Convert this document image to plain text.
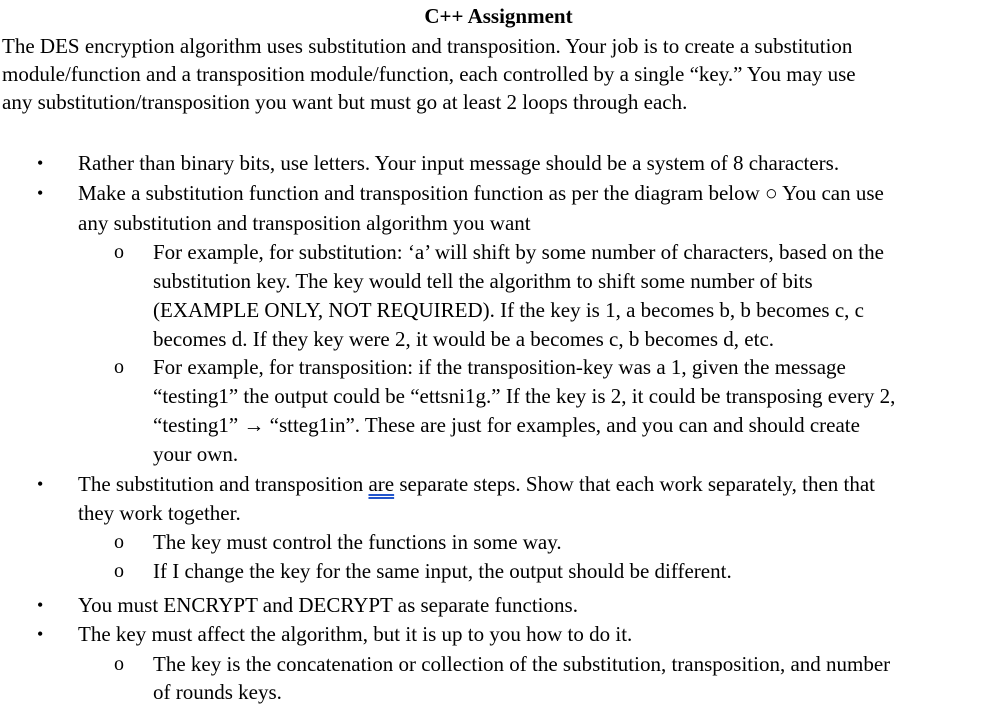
C++ Assignment
The DES encryption algorithm uses substitution and transposition. Your job is to create a substitution
module/function and a transposition module/function, each controlled by a single “key.” You may use
any substitution/transposition you want but must go at least 2 loops through each.
• Rather than binary bits, use letters. Your input message should be a system of 8 characters.
• Make a substitution function and transposition function as per the diagram below ○ You can use
any substitution and transposition algorithm you want
o For example, for substitution: ‘a’ will shift by some number of characters, based on the
substitution key. The key would tell the algorithm to shift some number of bits
(EXAMPLE ONLY, NOT REQUIRED). If the key is 1, a becomes b, b becomes c, c
becomes d. If they key were 2, it would be a becomes c, b becomes d, etc.
o For example, for transposition: if the transposition-key was a 1, given the message
“testing1” the output could be “ettsni1g.” If the key is 2, it could be transposing every 2,
“testing1” → “stteg1in”. These are just for examples, and you can and should create
your own.
• The substitution and transposition are separate steps. Show that each work separately, then that
they work together.
o The key must control the functions in some way.
o If I change the key for the same input, the output should be different.
• You must ENCRYPT and DECRYPT as separate functions.
• The key must affect the algorithm, but it is up to you how to do it.
o The key is the concatenation or collection of the substitution, transposition, and number
of rounds keys.
